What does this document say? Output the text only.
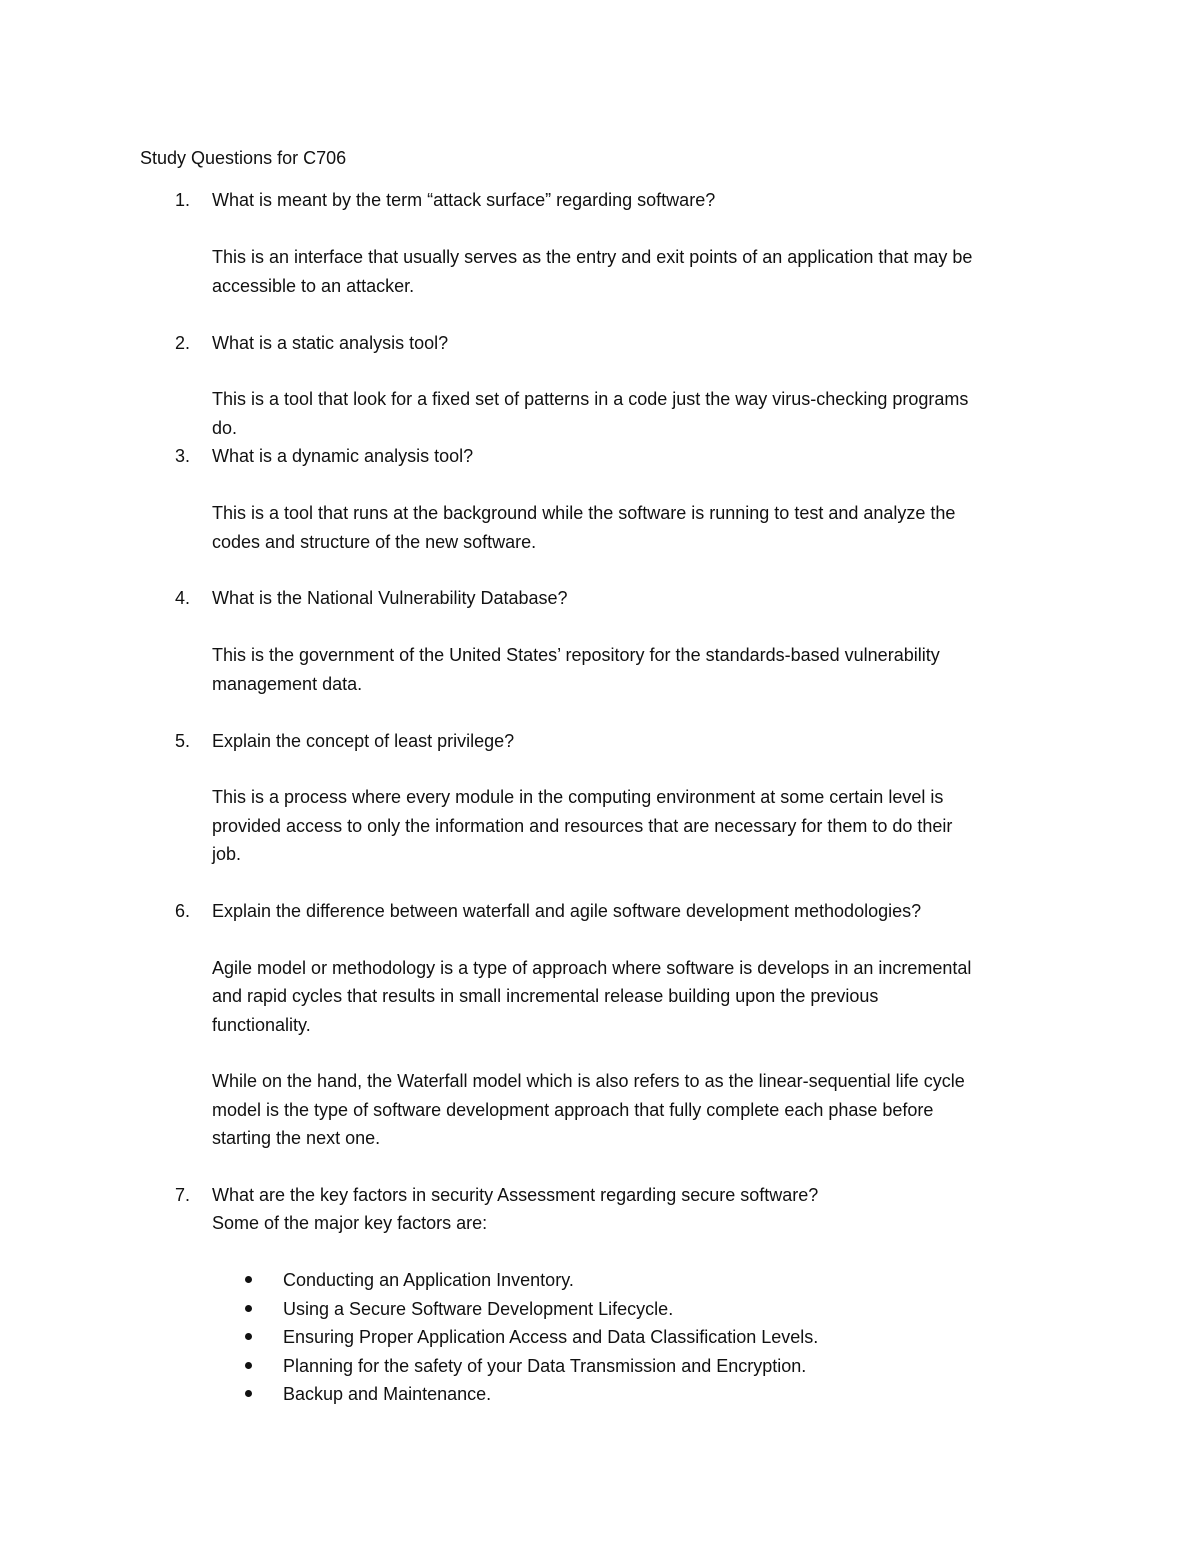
Study Questions for C706
1. What is meant by the term “attack surface” regarding software?
This is an interface that usually serves as the entry and exit points of an application that may be
accessible to an attacker.
2. What is a static analysis tool?
This is a tool that look for a fixed set of patterns in a code just the way virus-checking programs
do.
3. What is a dynamic analysis tool?
This is a tool that runs at the background while the software is running to test and analyze the
codes and structure of the new software.
4. What is the National Vulnerability Database?
This is the government of the United States’ repository for the standards-based vulnerability
management data.
5. Explain the concept of least privilege?
This is a process where every module in the computing environment at some certain level is
provided access to only the information and resources that are necessary for them to do their
job.
6. Explain the difference between waterfall and agile software development methodologies?
Agile model or methodology is a type of approach where software is develops in an incremental
and rapid cycles that results in small incremental release building upon the previous
functionality.
While on the hand, the Waterfall model which is also refers to as the linear-sequential life cycle
model is the type of software development approach that fully complete each phase before
starting the next one.
7. What are the key factors in security Assessment regarding secure software?
Some of the major key factors are:
Conducting an Application Inventory.
Using a Secure Software Development Lifecycle.
Ensuring Proper Application Access and Data Classification Levels.
Planning for the safety of your Data Transmission and Encryption.
Backup and Maintenance.
